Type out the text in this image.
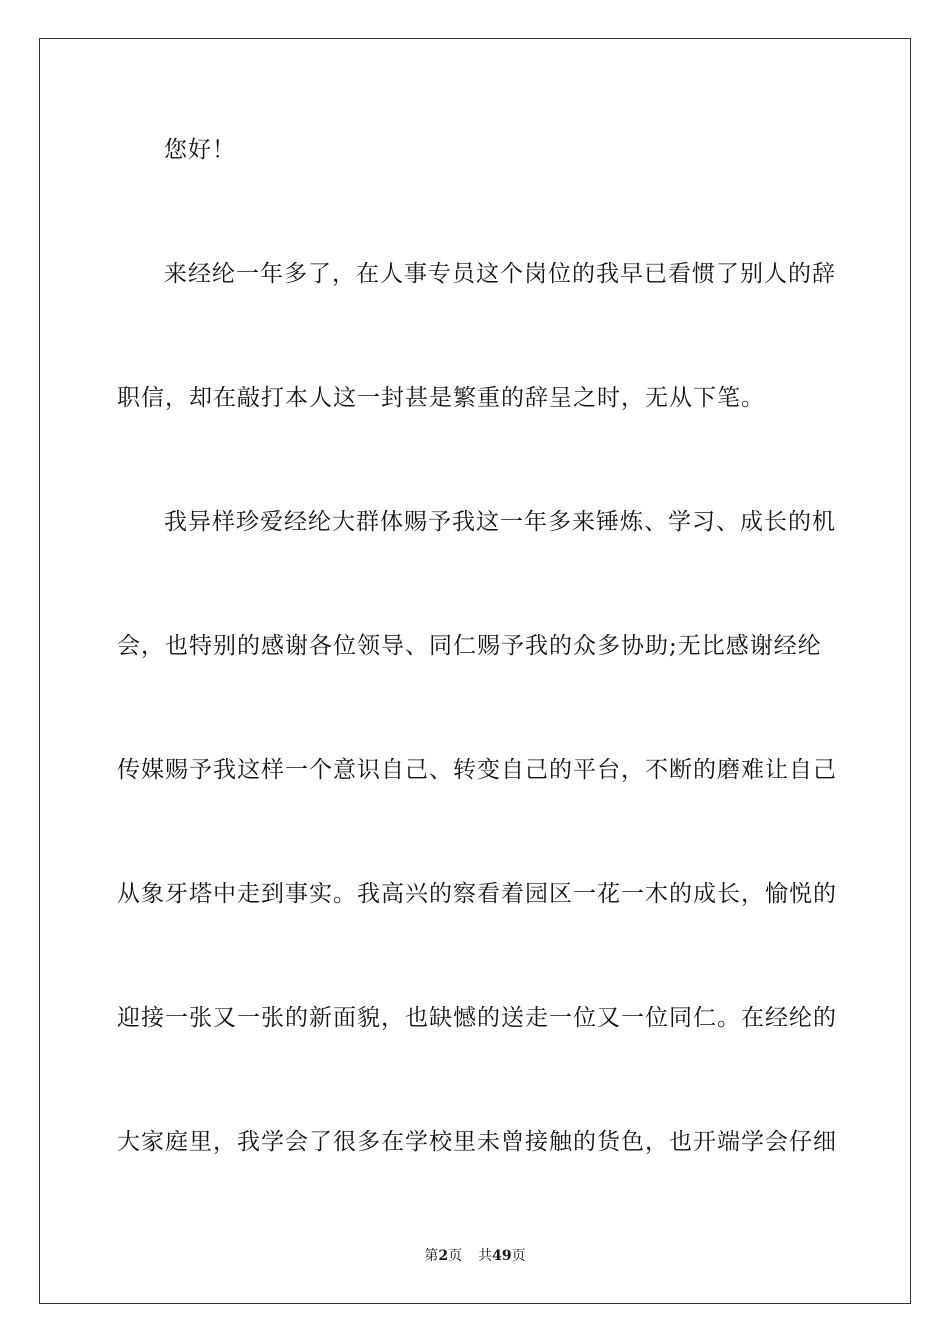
您好！
来经纶一年多了，在人事专员这个岗位的我早已看惯了别人的辞
职信，却在敲打本人这一封甚是繁重的辞呈之时，无从下笔。
我异样珍爱经纶大群体赐予我这一年多来锤炼、学习、成长的机
会，也特别的感谢各位领导、同仁赐予我的众多协助;无比感谢经纶
传媒赐予我这样一个意识自己、转变自己的平台，不断的磨难让自己
从象牙塔中走到事实。我高兴的察看着园区一花一木的成长，愉悦的
迎接一张又一张的新面貌，也缺憾的送走一位又一位同仁。在经纶的
大家庭里，我学会了很多在学校里未曾接触的货色，也开端学会仔细
第2页 共49页
